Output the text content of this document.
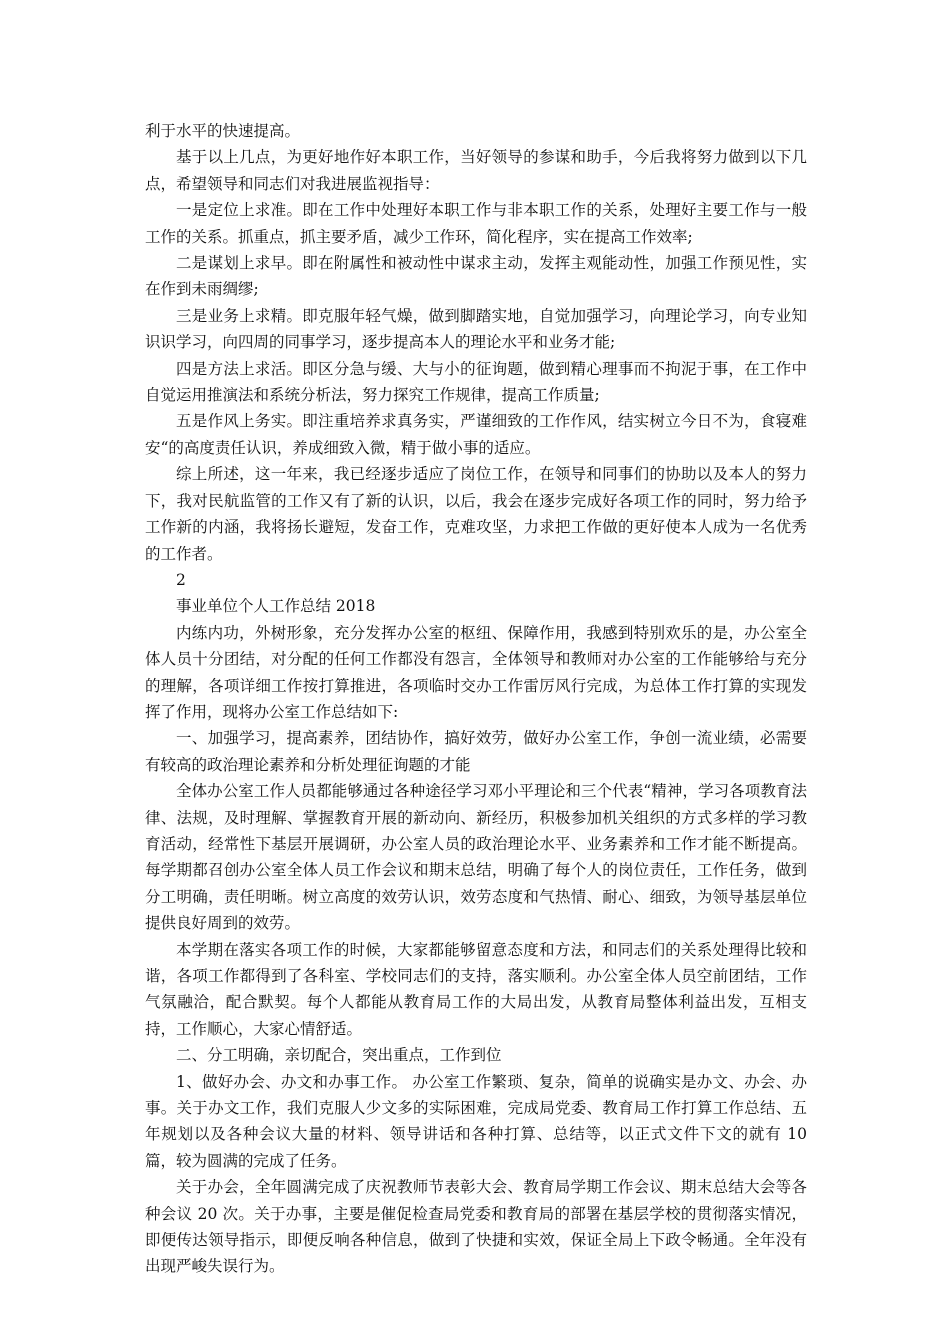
利于水平的快速提高。

基于以上几点，为更好地作好本职工作，当好领导的参谋和助手，今后我将努力做到以下几点，希望领导和同志们对我进展监视指导：

一是定位上求准。即在工作中处理好本职工作与非本职工作的关系，处理好主要工作与一般工作的关系。抓重点，抓主要矛盾，减少工作环，简化程序，实在提高工作效率;

二是谋划上求早。即在附属性和被动性中谋求主动，发挥主观能动性，加强工作预见性，实在作到未雨绸缪;

三是业务上求精。即克服年轻气燥，做到脚踏实地，自觉加强学习，向理论学习，向专业知识识学习，向四周的同事学习，逐步提高本人的理论水平和业务才能;

四是方法上求活。即区分急与缓、大与小的征询题，做到精心理事而不拘泥于事，在工作中自觉运用推演法和系统分析法，努力探究工作规律，提高工作质量;

五是作风上务实。即注重培养求真务实，严谨细致的工作作风，结实树立今日不为，食寝难安“的高度责任认识，养成细致入微，精于做小事的适应。

综上所述，这一年来，我已经逐步适应了岗位工作，在领导和同事们的协助以及本人的努力下，我对民航监管的工作又有了新的认识，以后，我会在逐步完成好各项工作的同时，努力给予工作新的内涵，我将扬长避短，发奋工作，克难攻坚，力求把工作做的更好使本人成为一名优秀的工作者。

2

事业单位个人工作总结 2018

内练内功，外树形象，充分发挥办公室的枢纽、保障作用，我感到特别欢乐的是，办公室全体人员十分团结，对分配的任何工作都没有怨言，全体领导和教师对办公室的工作能够给与充分的理解，各项详细工作按打算推进，各项临时交办工作雷厉风行完成，为总体工作打算的实现发挥了作用，现将办公室工作总结如下:

一、加强学习，提高素养，团结协作，搞好效劳，做好办公室工作，争创一流业绩，必需要有较高的政治理论素养和分析处理征询题的才能

全体办公室工作人员都能够通过各种途径学习邓小平理论和三个代表“精神，学习各项教育法律、法规，及时理解、掌握教育开展的新动向、新经历，积极参加机关组织的方式多样的学习教育活动，经常性下基层开展调研，办公室人员的政治理论水平、业务素养和工作才能不断提高。每学期都召创办公室全体人员工作会议和期末总结，明确了每个人的岗位责任，工作任务，做到分工明确，责任明晰。树立高度的效劳认识，效劳态度和气热情、耐心、细致，为领导基层单位提供良好周到的效劳。

本学期在落实各项工作的时候，大家都能够留意态度和方法，和同志们的关系处理得比较和谐，各项工作都得到了各科室、学校同志们的支持，落实顺利。办公室全体人员空前团结，工作气氛融洽，配合默契。每个人都能从教育局工作的大局出发，从教育局整体利益出发，互相支持，工作顺心，大家心情舒适。

二、分工明确，亲切配合，突出重点，工作到位

1、做好办会、办文和办事工作。 办公室工作繁琐、复杂，简单的说确实是办文、办会、办事。关于办文工作，我们克服人少文多的实际困难，完成局党委、教育局工作打算工作总结、五年规划以及各种会议大量的材料、领导讲话和各种打算、总结等，以正式文件下文的就有 10 篇，较为圆满的完成了任务。

关于办会，全年圆满完成了庆祝教师节表彰大会、教育局学期工作会议、期末总结大会等各种会议 20 次。关于办事，主要是催促检查局党委和教育局的部署在基层学校的贯彻落实情况，即便传达领导指示，即便反响各种信息，做到了快捷和实效，保证全局上下政令畅通。全年没有出现严峻失误行为。
